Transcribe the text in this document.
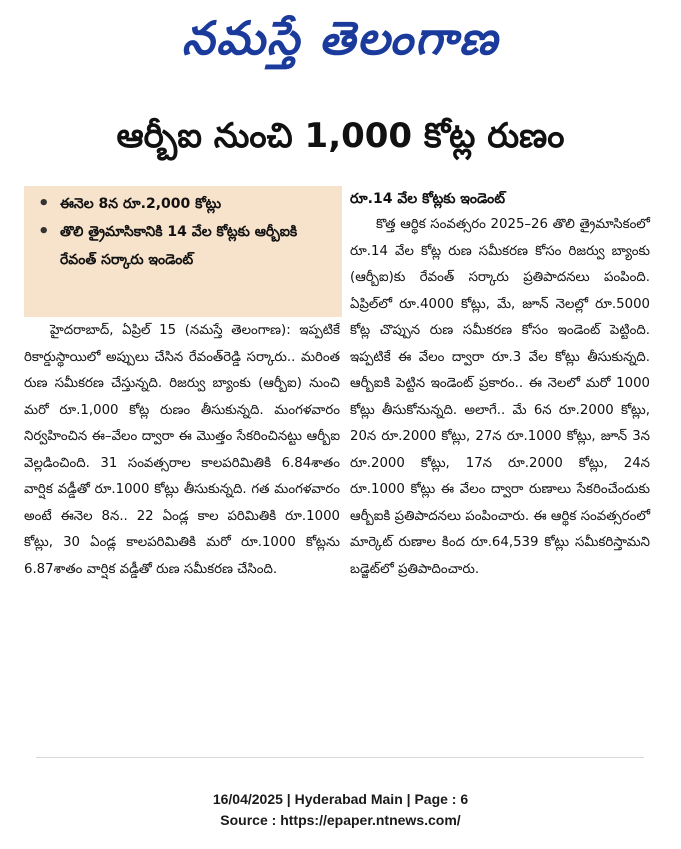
నమస్తే తెలంగాణ
ఆర్బీఐ నుంచి 1,000 కోట్ల రుణం
• ఈనెల 8న రూ.2,000 కోట్లు
• తొలి త్రైమాసికానికి 14 వేల కోట్లకు ఆర్బీఐకి రేవంత్ సర్కారు ఇండెంట్

హైదరాబాద్, ఏప్రిల్ 15 (నమస్తే తెలంగాణ): ఇప్పటికే రికార్డుస్థాయిలో అప్పులు చేసిన రేవంత్‌రెడ్డి సర్కారు.. మరింత రుణ సమీకరణ చేస్తున్నది. రిజర్వు బ్యాంకు (ఆర్బీఐ) నుంచి మరో రూ.1,000 కోట్ల రుణం తీసుకున్నది. మంగళవారం నిర్వహించిన ఈ–వేలం ద్వారా ఈ మొత్తం సేకరించినట్టు ఆర్బీఐ వెల్లడించింది. 31 సంవత్సరాల కాలపరిమితికి 6.84శాతం వార్షిక వడ్డీతో రూ.1000 కోట్లు తీసుకున్నది. గత మంగళవారం అంటే ఈనెల 8న.. 22 ఏండ్ల కాల పరిమితికి రూ.1000 కోట్లు, 30 ఏండ్ల కాలపరిమితికి మరో రూ.1000 కోట్లను 6.87శాతం వార్షిక వడ్డీతో రుణ సమీకరణ చేసింది.

రూ.14 వేల కోట్లకు ఇండెంట్

కొత్త ఆర్థిక సంవత్సరం 2025–26 తొలి త్రైమాసికంలో రూ.14 వేల కోట్ల రుణ సమీకరణ కోసం రిజర్వు బ్యాంకు (ఆర్బీఐ)కు రేవంత్ సర్కారు ప్రతిపాదనలు పంపింది. ఏప్రిల్‌లో రూ.4000 కోట్లు, మే, జూన్ నెలల్లో రూ.5000 కోట్ల చొప్పున రుణ సమీకరణ కోసం ఇండెంట్ పెట్టింది. ఇప్పటికే ఈ వేలం ద్వారా రూ.3 వేల కోట్లు తీసుకున్నది. ఆర్బీఐకి పెట్టిన ఇండెంట్ ప్రకారం.. ఈ నెలలో మరో 1000 కోట్లు తీసుకోనున్నది. అలాగే.. మే 6న రూ.2000 కోట్లు, 20న రూ.2000 కోట్లు, 27న రూ.1000 కోట్లు, జూన్ 3న రూ.2000 కోట్లు, 17న రూ.2000 కోట్లు, 24న రూ.1000 కోట్లు ఈ వేలం ద్వారా రుణాలు సేకరించేందుకు ఆర్బీఐకి ప్రతిపాదనలు పంపించారు. ఈ ఆర్థిక సంవత్సరంలో మార్కెట్ రుణాల కింద రూ.64,539 కోట్లు సమీకరిస్తామని బడ్జెట్‌లో ప్రతిపాదించారు.

16/04/2025 | Hyderabad Main | Page : 6
Source : https://epaper.ntnews.com/
